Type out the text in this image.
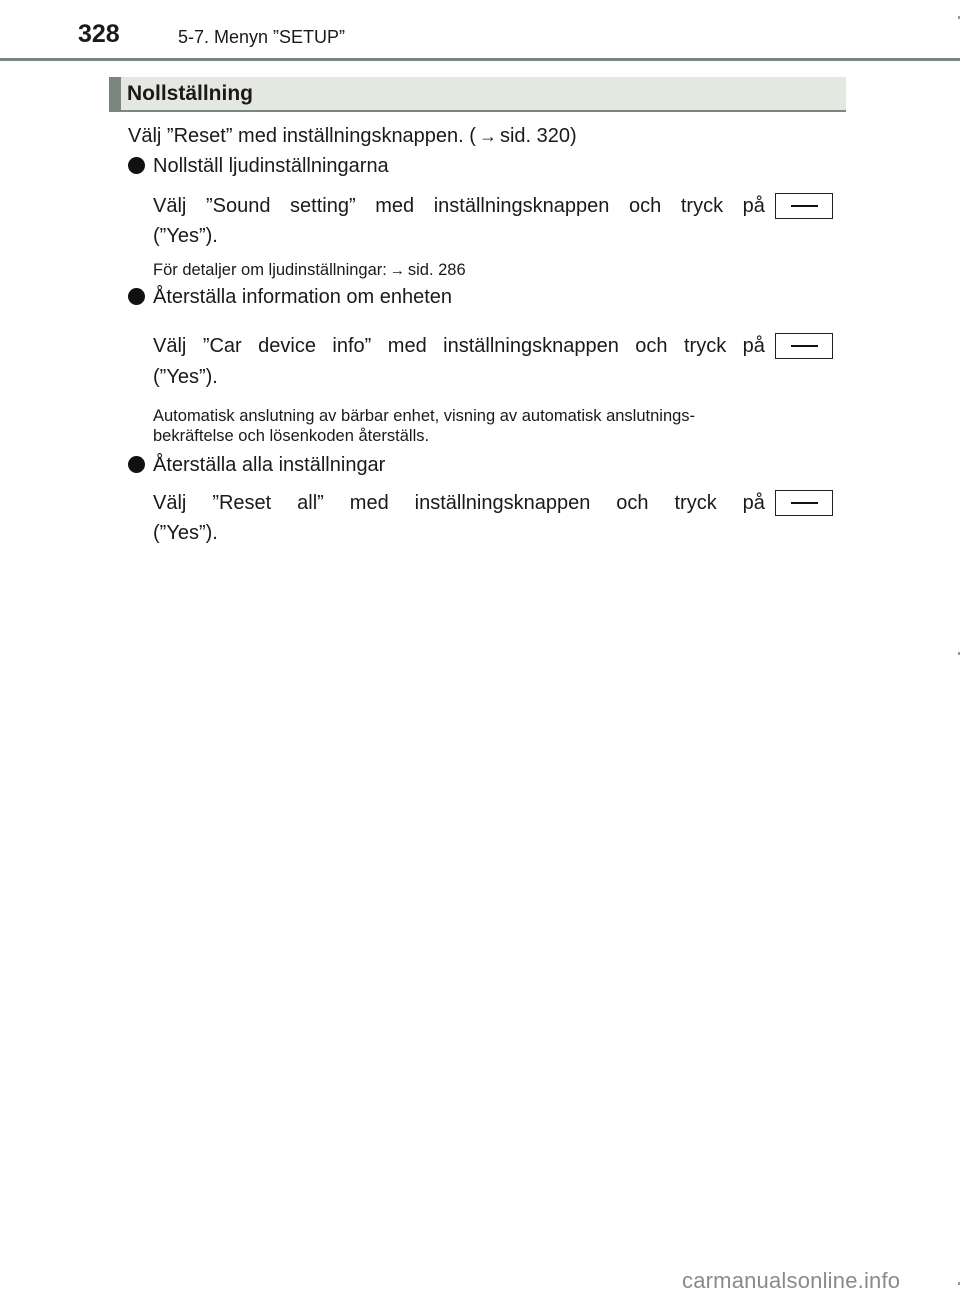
328	5-7. Menyn ”SETUP”
Nollställning
Välj ”Reset” med inställningsknappen. ( → sid. 320)
Nollställ ljudinställningarna
Välj ”Sound setting” med inställningsknappen och tryck på
(”Yes”).
För detaljer om ljudinställningar: → sid. 286
Återställa information om enheten
Välj ”Car device info” med inställningsknappen och tryck på
(”Yes”).
Automatisk anslutning av bärbar enhet, visning av automatisk anslutnings-
bekräftelse och lösenkoden återställs.
Återställa alla inställningar
Välj ”Reset all” med inställningsknappen och tryck på
(”Yes”).
carmanualsonline.info
